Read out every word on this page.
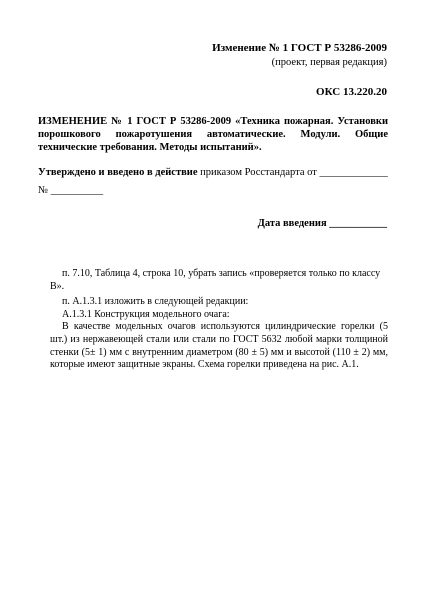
Изменение № 1 ГОСТ Р 53286-2009
(проект, первая редакция)
ОКС 13.220.20
ИЗМЕНЕНИЕ № 1 ГОСТ Р 53286-2009 «Техника пожарная. Установки порошкового пожаротушения автоматические. Модули. Общие технические требования. Методы испытаний».
Утверждено и введено в действие приказом Росстандарта от _____________
№ __________
Дата введения ___________

п. 7.10, Таблица 4, строка 10, убрать запись «проверяется только по классу В».

п. А.1.3.1 изложить в следующей редакции:

А.1.3.1 Конструкция модельного очага:

В качестве модельных очагов используются цилиндрические горелки (5 шт.) из нержавеющей стали или стали по ГОСТ 5632 любой марки толщиной стенки (5± 1) мм с внутренним диаметром (80 ± 5) мм и высотой (110 ± 2) мм, которые имеют защитные экраны. Схема горелки приведена на рис. А.1.
